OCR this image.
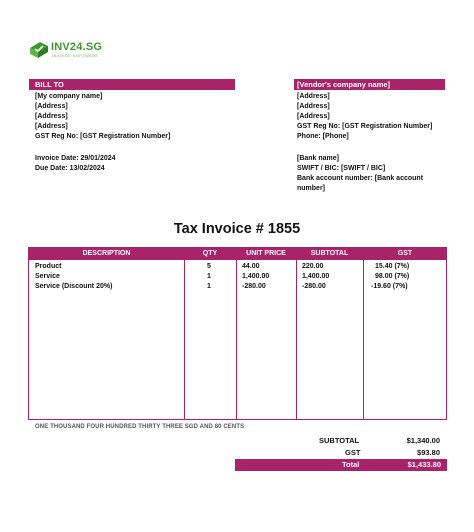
INV24.SG
INVOICE SOFTWARE
BILL TO
[My company name]
[Address]
[Address]
[Address]
GST Reg No: [GST Registration Number]
[Vendor's company name]
[Address]
[Address]
[Address]
GST Reg No: [GST Registration Number]
Phone: [Phone]
Invoice Date: 29/01/2024
Due Date: 13/02/2024
[Bank name]
SWIFT / BIC: [SWIFT / BIC]
Bank account number: [Bank account number]
Tax Invoice # 1855
DESCRIPTION	QTY	UNIT PRICE	SUBTOTAL	GST
Product	5	44.00	220.00	15.40 (7%)
Service	1	1,400.00	1,400.00	98.00 (7%)
Service (Discount 20%)	1	-280.00	-280.00	-19.60 (7%)
ONE THOUSAND FOUR HUNDRED THIRTY THREE SGD AND 80 CENTS
SUBTOTAL	$1,340.00
GST	$93.80
Total	$1,433.80
